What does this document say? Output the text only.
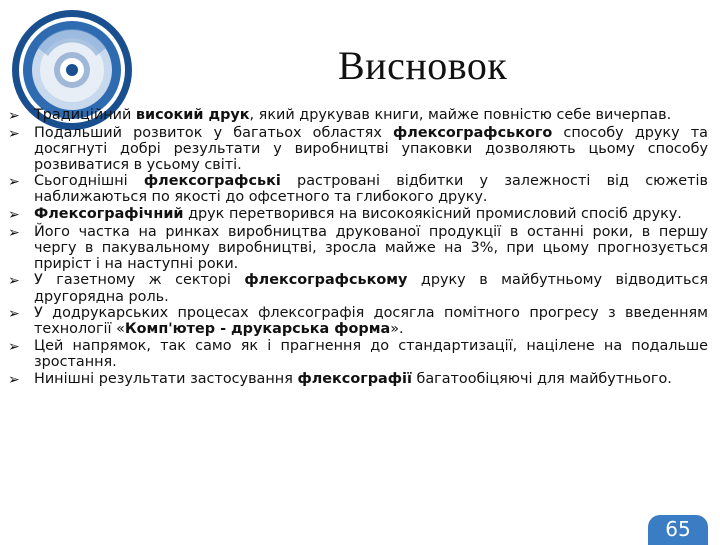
Висновок
➢ Традиційний високий друк, який друкував книги, майже повністю себе вичерпав.
➢ Подальший розвиток у багатьох областях флексографського способу друку та досягнуті добрі результати у виробництві упаковки дозволяють цьому способу розвиватися в усьому світі.
➢ Сьогоднішні флексографські растровані відбитки у залежності від сюжетів наближаються по якості до офсетного та глибокого друку.
➢ Флексографічний друк перетворився на високоякісний промисловий спосіб друку.
➢ Його частка на ринках виробництва друкованої продукції в останні роки, в першу чергу в пакувальному виробництві, зросла майже на 3%, при цьому прогнозується приріст і на наступні роки.
➢ У газетному ж секторі флексографському друку в майбутньому відводиться другорядна роль.
➢ У додрукарських процесах флексографія досягла помітного прогресу з введенням технології «Комп'ютер - друкарська форма».
➢ Цей напрямок, так само як і прагнення до стандартизації, націлене на подальше зростання.
➢ Нинішні результати застосування флексографії багатообіцяючі для майбутнього.
65
